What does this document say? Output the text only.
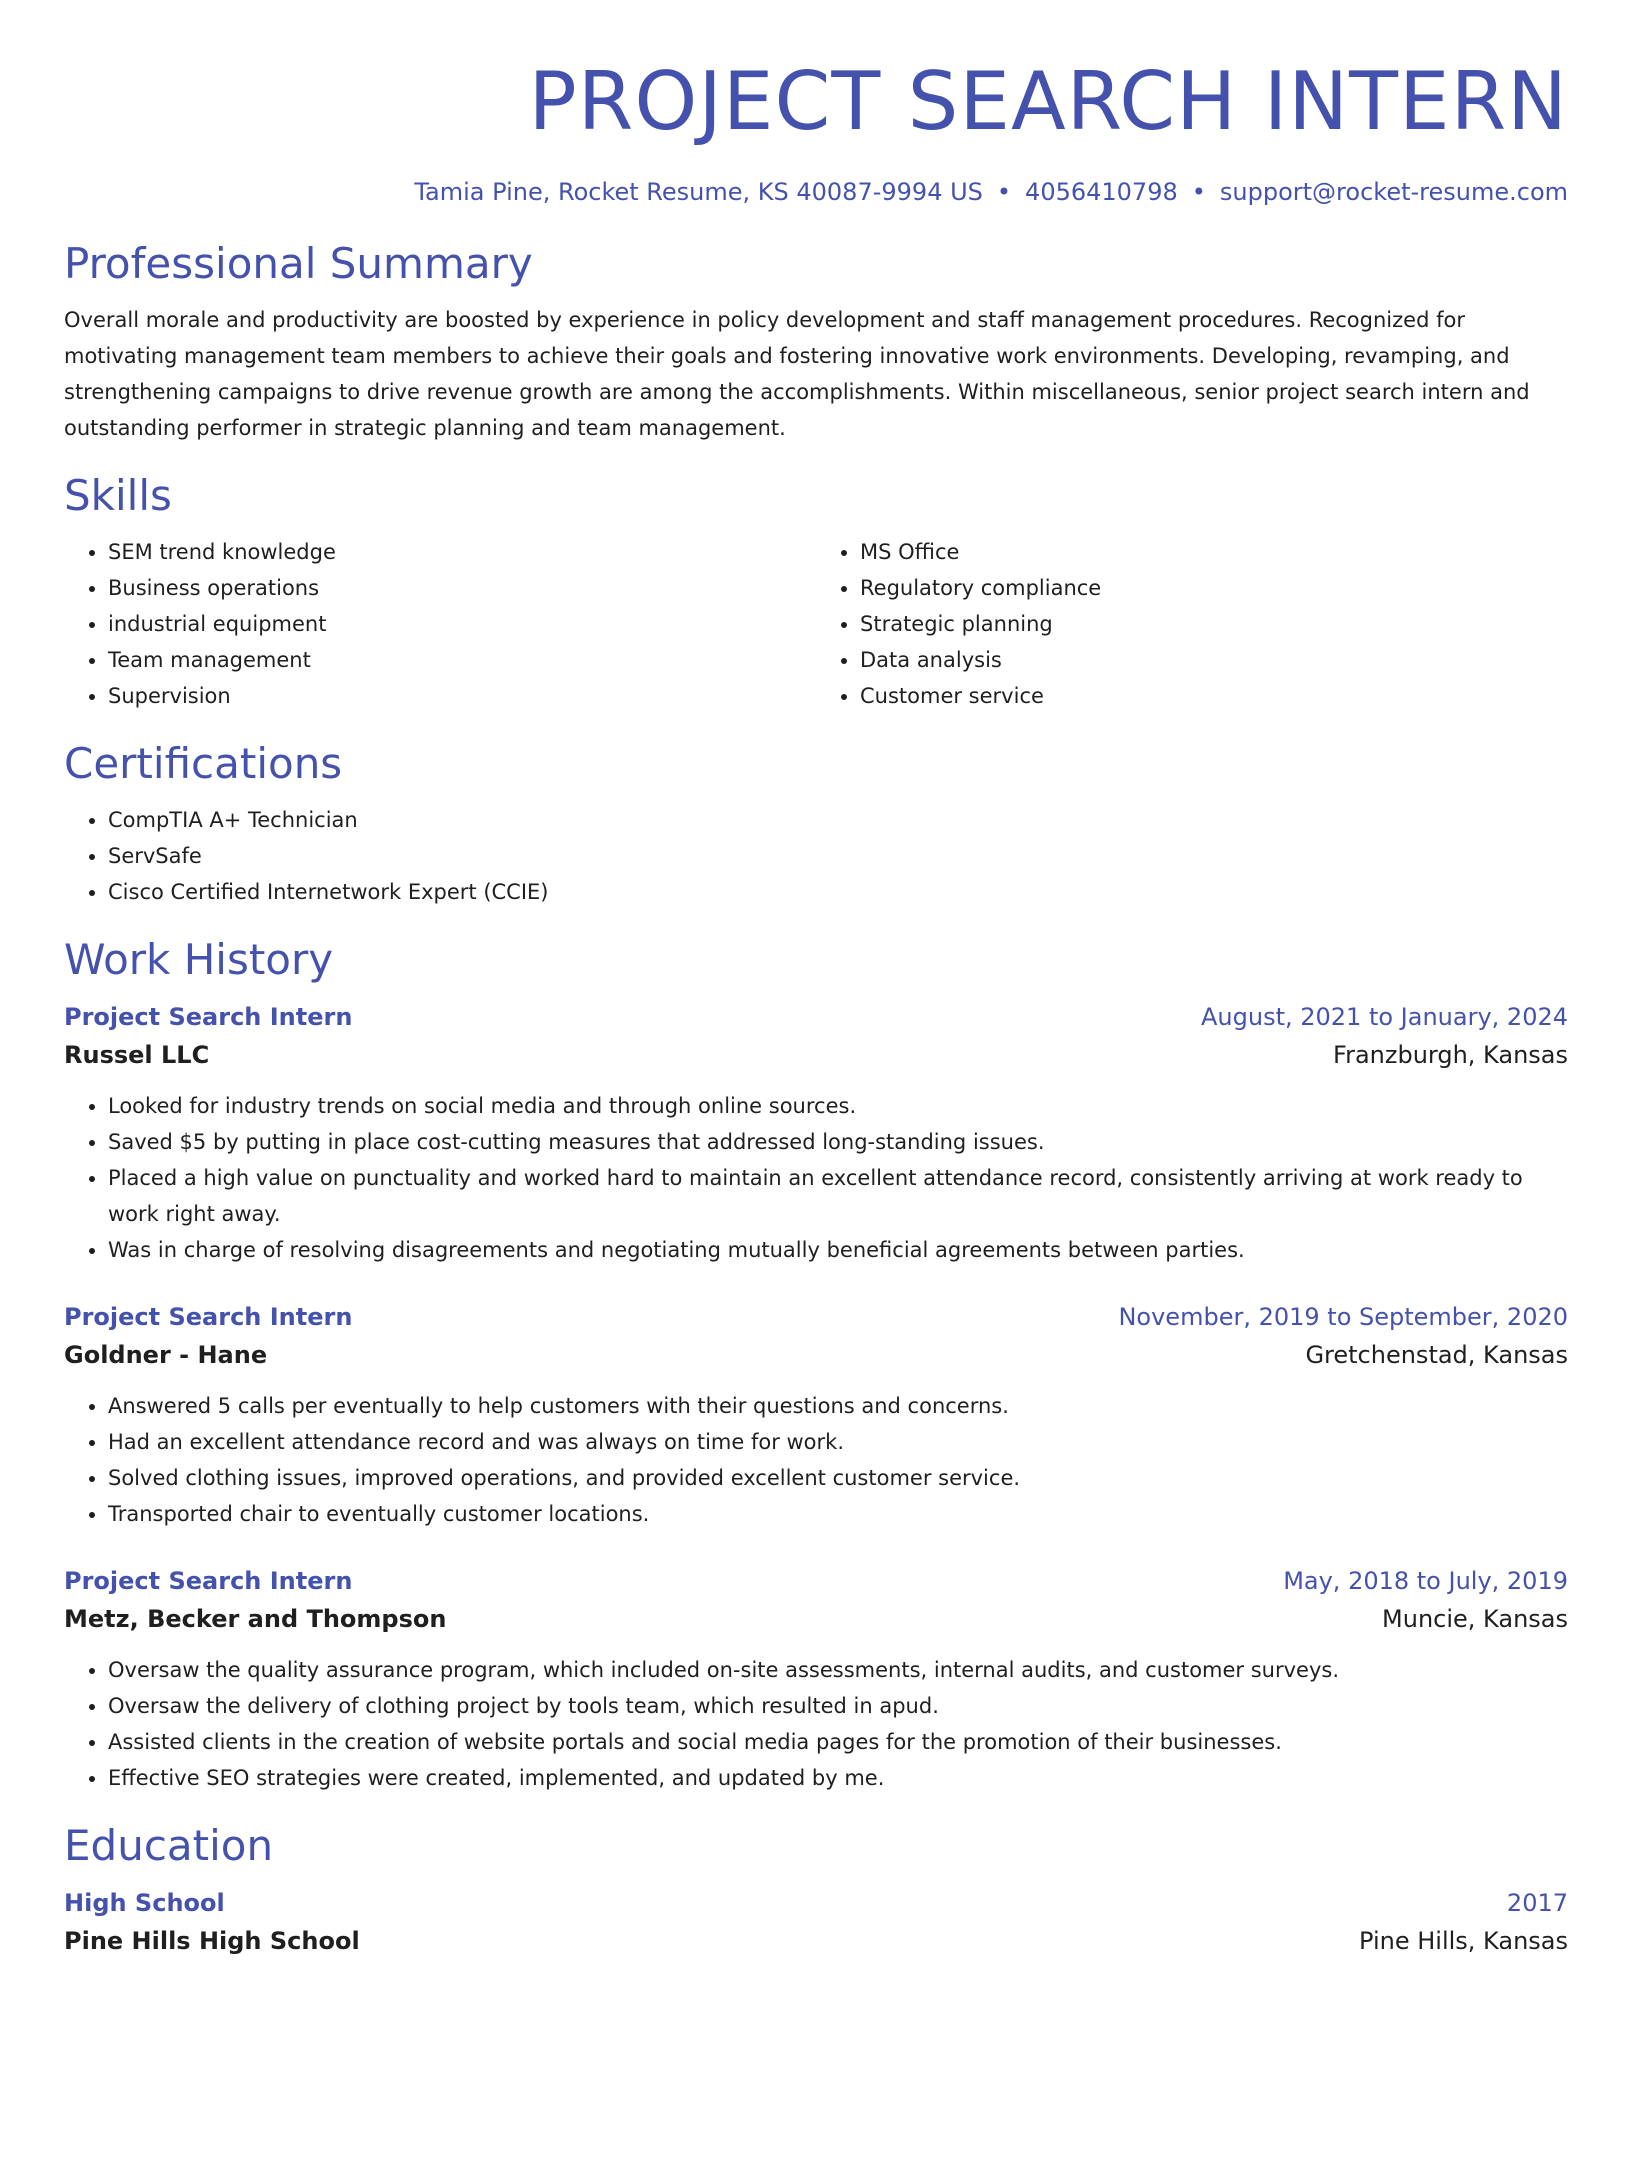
PROJECT SEARCH INTERN
Tamia Pine, Rocket Resume, KS 40087-9994 US • 4056410798 • support@rocket-resume.com
Professional Summary

Overall morale and productivity are boosted by experience in policy development and staff management procedures. Recognized for motivating management team members to achieve their goals and fostering innovative work environments. Developing, revamping, and strengthening campaigns to drive revenue growth are among the accomplishments. Within miscellaneous, senior project search intern and outstanding performer in strategic planning and team management.

Skills
• SEM trend knowledge
• Business operations
• industrial equipment
• Team management
• Supervision
• MS Office
• Regulatory compliance
• Strategic planning
• Data analysis
• Customer service
Certifications
• CompTIA A+ Technician
• ServSafe
• Cisco Certified Internetwork Expert (CCIE)
Work History
Project Search Intern	August, 2021 to January, 2024
Russel LLC	Franzburgh, Kansas
• Looked for industry trends on social media and through online sources.
• Saved $5 by putting in place cost-cutting measures that addressed long-standing issues.
• Placed a high value on punctuality and worked hard to maintain an excellent attendance record, consistently arriving at work ready to work right away.
• Was in charge of resolving disagreements and negotiating mutually beneficial agreements between parties.
Project Search Intern	November, 2019 to September, 2020
Goldner - Hane	Gretchenstad, Kansas
• Answered 5 calls per eventually to help customers with their questions and concerns.
• Had an excellent attendance record and was always on time for work.
• Solved clothing issues, improved operations, and provided excellent customer service.
• Transported chair to eventually customer locations.
Project Search Intern	May, 2018 to July, 2019
Metz, Becker and Thompson	Muncie, Kansas
• Oversaw the quality assurance program, which included on-site assessments, internal audits, and customer surveys.
• Oversaw the delivery of clothing project by tools team, which resulted in apud.
• Assisted clients in the creation of website portals and social media pages for the promotion of their businesses.
• Effective SEO strategies were created, implemented, and updated by me.
Education
High School	2017
Pine Hills High School	Pine Hills, Kansas
